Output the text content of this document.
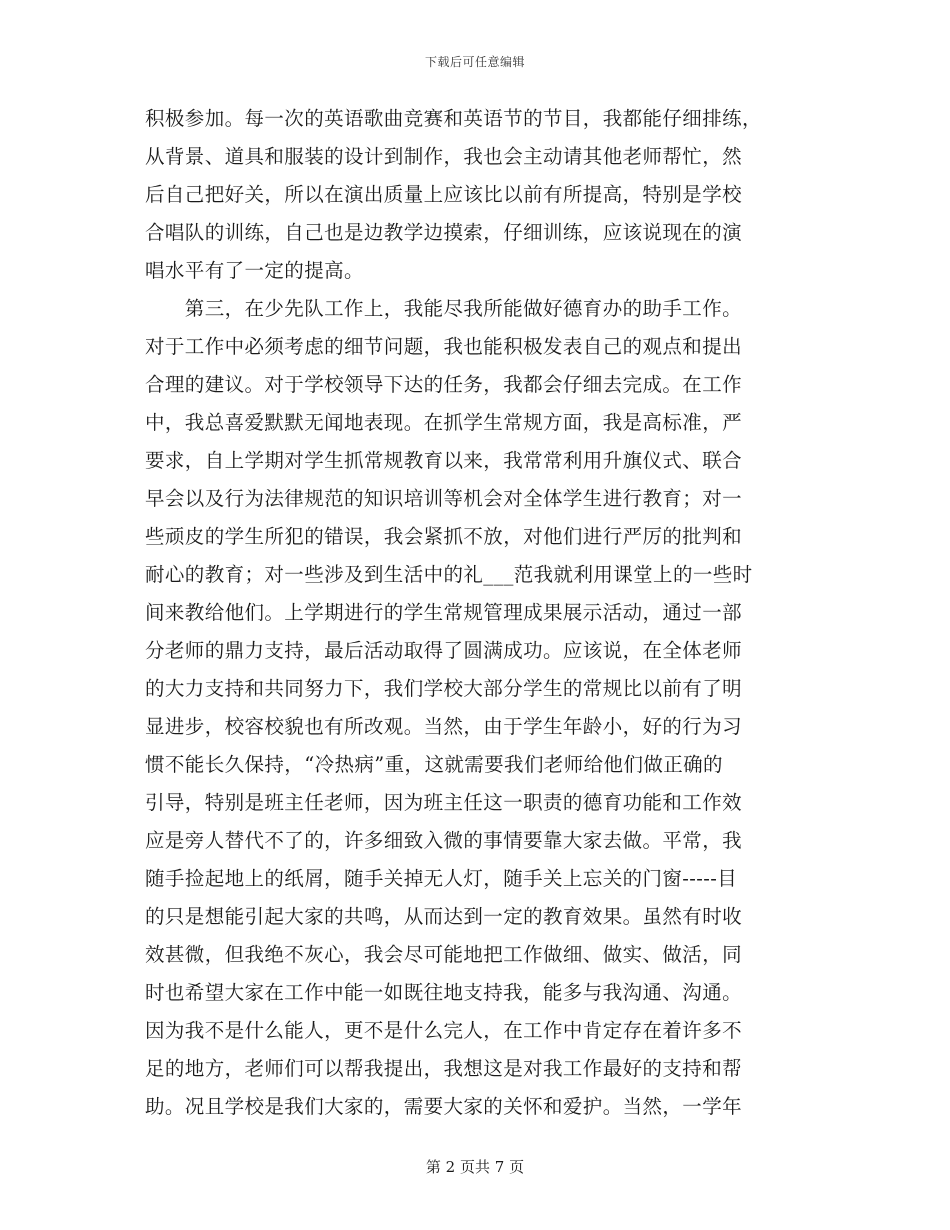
下载后可任意编辑
积极参加。每一次的英语歌曲竞赛和英语节的节目，我都能仔细排练，
从背景、道具和服装的设计到制作，我也会主动请其他老师帮忙，然
后自己把好关，所以在演出质量上应该比以前有所提高，特别是学校
合唱队的训练，自己也是边教学边摸索，仔细训练，应该说现在的演
唱水平有了一定的提高。
　　第三，在少先队工作上，我能尽我所能做好德育办的助手工作。
对于工作中必须考虑的细节问题，我也能积极发表自己的观点和提出
合理的建议。对于学校领导下达的任务，我都会仔细去完成。在工作
中，我总喜爱默默无闻地表现。在抓学生常规方面，我是高标准，严
要求，自上学期对学生抓常规教育以来，我常常利用升旗仪式、联合
早会以及行为法律规范的知识培训等机会对全体学生进行教育；对一
些顽皮的学生所犯的错误，我会紧抓不放，对他们进行严厉的批判和
耐心的教育；对一些涉及到生活中的礼___范我就利用课堂上的一些时
间来教给他们。上学期进行的学生常规管理成果展示活动，通过一部
分老师的鼎力支持，最后活动取得了圆满成功。应该说，在全体老师
的大力支持和共同努力下，我们学校大部分学生的常规比以前有了明
显进步，校容校貌也有所改观。当然，由于学生年龄小，好的行为习
惯不能长久保持，“冷热病”重，这就需要我们老师给他们做正确的
引导，特别是班主任老师，因为班主任这一职责的德育功能和工作效
应是旁人替代不了的，许多细致入微的事情要靠大家去做。平常，我
随手捡起地上的纸屑，随手关掉无人灯，随手关上忘关的门窗-----目
的只是想能引起大家的共鸣，从而达到一定的教育效果。虽然有时收
效甚微，但我绝不灰心，我会尽可能地把工作做细、做实、做活，同
时也希望大家在工作中能一如既往地支持我，能多与我沟通、沟通。
因为我不是什么能人，更不是什么完人，在工作中肯定存在着许多不
足的地方，老师们可以帮我提出，我想这是对我工作最好的支持和帮
助。况且学校是我们大家的，需要大家的关怀和爱护。当然，一学年
第 2 页共 7 页
